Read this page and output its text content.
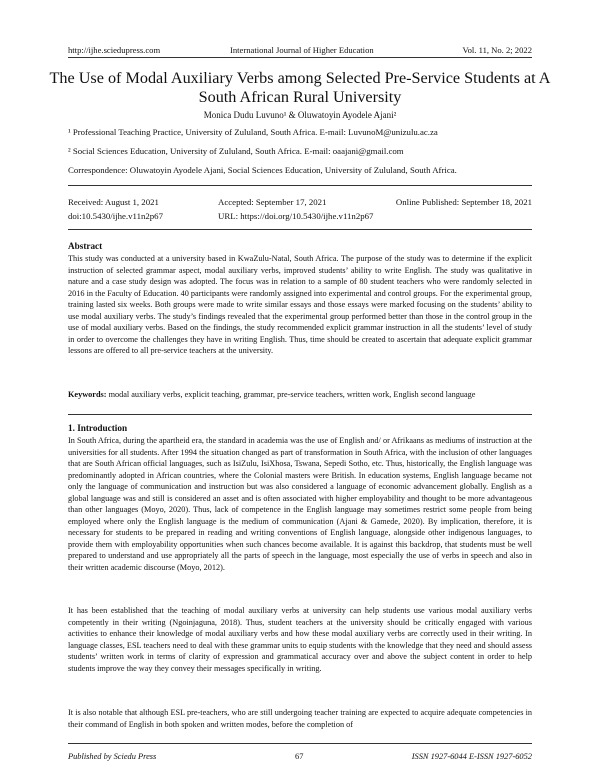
http://ijhe.sciedupress.com	International Journal of Higher Education	Vol. 11, No. 2; 2022
The Use of Modal Auxiliary Verbs among Selected Pre-Service Students at A South African Rural University
Monica Dudu Luvuno¹ & Oluwatoyin Ayodele Ajani²
¹ Professional Teaching Practice, University of Zululand, South Africa. E-mail: LuvunoM@unizulu.ac.za
² Social Sciences Education, University of Zululand, South Africa. E-mail: oaajani@gmail.com
Correspondence: Oluwatoyin Ayodele Ajani, Social Sciences Education, University of Zululand, South Africa.
Received: August 1, 2021	Accepted: September 17, 2021	Online Published: September 18, 2021
doi:10.5430/ijhe.v11n2p67	URL: https://doi.org/10.5430/ijhe.v11n2p67
Abstract

This study was conducted at a university based in KwaZulu-Natal, South Africa. The purpose of the study was to determine if the explicit instruction of selected grammar aspect, modal auxiliary verbs, improved students’ ability to write English. The study was qualitative in nature and a case study design was adopted. The focus was in relation to a sample of 80 student teachers who were randomly selected in 2016 in the Faculty of Education. 40 participants were randomly assigned into experimental and control groups. For the experimental group, training lasted six weeks. Both groups were made to write similar essays and those essays were marked focusing on the students’ ability to use modal auxiliary verbs. The study’s findings revealed that the experimental group performed better than those in the control group in the use of modal auxiliary verbs. Based on the findings, the study recommended explicit grammar instruction in all the students’ level of study in order to overcome the challenges they have in writing English. Thus, time should be created to ascertain that adequate explicit grammar lessons are offered to all pre-service teachers at the university.

Keywords: modal auxiliary verbs, explicit teaching, grammar, pre-service teachers, written work, English second language

1. Introduction

In South Africa, during the apartheid era, the standard in academia was the use of English and/ or Afrikaans as mediums of instruction at the universities for all students. After 1994 the situation changed as part of transformation in South Africa, with the inclusion of other languages that are South African official languages, such as IsiZulu, IsiXhosa, Tswana, Sepedi Sotho, etc. Thus, historically, the English language was predominantly adopted in African countries, where the Colonial masters were British. In education systems, English language became not only the language of communication and instruction but was also considered a language of economic advancement globally. English as a global language was and still is considered an asset and is often associated with higher employability and thought to be more advantageous than other languages (Moyo, 2020). Thus, lack of competence in the English language may sometimes restrict some people from being employed where only the English language is the medium of communication (Ajani & Gamede, 2020). By implication, therefore, it is necessary for students to be prepared in reading and writing conventions of English language, alongside other indigenous languages, to provide them with employability opportunities when such chances become available. It is against this backdrop, that students must be well prepared to understand and use appropriately all the parts of speech in the language, most especially the use of verbs in speech and also in their written academic discourse (Moyo, 2012).

It has been established that the teaching of modal auxiliary verbs at university can help students use various modal auxiliary verbs competently in their writing (Ngoinjaguna, 2018). Thus, student teachers at the university should be critically engaged with various activities to enhance their knowledge of modal auxiliary verbs and how these modal auxiliary verbs are correctly used in their writing. In language classes, ESL teachers need to deal with these grammar units to equip students with the knowledge that they need and should assess students’ written work in terms of clarity of expression and grammatical accuracy over and above the subject content in order to help students improve the way they convey their messages specifically in writing.

It is also notable that although ESL pre-teachers, who are still undergoing teacher training are expected to acquire adequate competencies in their command of English in both spoken and written modes, before the completion of

Published by Sciedu Press	67	ISSN 1927-6044 E-ISSN 1927-6052
